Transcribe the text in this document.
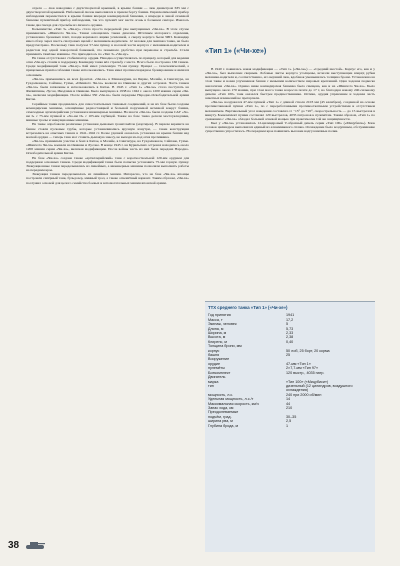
отдела — люк наводчика с двухстворчатой крышкой, в крыше башни — люк диаметром 635 мм с двухстворчатой крышкой. Небольшой лючок выполнялся в правом борту башни. Перископический прибор наблюдения переместился в крыше башни впереди командирской башенки, а впереди в левой сеченной башенке пулемётный прибор наблюдения, так что пулемёт мог вести огонь в большем секторе. Имелось также два гнезда для стрельбы из личного оружия.

Большинство «Тип 3» «Чи-ну» стало просто переделкой уже выпущенных «Чи-ха». В этом случае применялись «Шинхото Чи-ха». Танки оснащались также дизелем. Штатным моторного отделения, установлено броневых плит, позади кормового ящика усиленной, а сверху корпуса были ЗИП. Командир имел обзор через шесть смотровых щелей с механиком-водителем. 12 человек для экипажа танка, не было предусмотрено. Поскольку танк получал 57-мм пушку, в носовой части корпуса с механиком-водителем и радистом под одной поворотной башенкой, что повышало удобство при перевозке и стрельбе. Стали применять тяжёлые машины. Это приходилось по «Тип 3» «Чи-ну».

На танке отсутствовал стабилизатор орудия. Наводка осуществлялась по прицелу, который для ведения огня «Чи-ну» стояли в поддержку. Командир танка вёл стрельбу с места. Всего было построено 166 танков. Среди модификаций танк «Чи-ну» Кай имел усиленную 75-мм пушку. Прицел — телескопический, а прицельные приспособления также использовались. Танк имел противоснарядное бронирование и являлся основным.

«Чи-ха» применялись на всех фронтах. «Чи-ха» в Маньчжурии, на Бирме, Малайе, в Сингапуре, на Гуадалканале, Сайпане, Гуаме, «Шинхото Чи-ха» воевали на Окинаве и других островах. Часть танков «Чи-ха» были захвачены и использовались в Китае. В 1945 г. «Тип 1» «Чи-хе» стало поступать на Филиппины, Лусон, Иводзиме и Окинаве. Было выпущено в 1938 по 1942 г. около 1200 машин серии «Чи-ха», включая модификации. После войны 350 «Чи-ха» были переданы Народно-Освободительной армии Китая.

Серийные танки продавались для самостоятельных танковых соединений, и на их базе были созданы командирские машины, оснащённые радиостанцией и большой поручневой антенной вокруг башни, самоходные артиллерийские установки и инженерные машины. На шасси «Чи-ха» были созданы САУ «Хо-ни I» с 75-мм пушкой и «Хо-ни II» с 105-мм гаубицей. Также на базе танка делали мостоукладчики, минные тралы и эвакуационные машины.

На танке опробовали различные установки дымовых гранатомётов (мортирок). В первом варианте на башне стояли пусковые трубы, которые устанавливались вручную изнутри, — такие конструкции встречались на опытных танках в 1941–1942 гг. Более удачной оказалась установка на крыше башни над маской орудия — теперь танк мог ставить дымовую завесу, не выходя из-под огня противника.

«Чи-ха» принимали участие в боях в Китае, в Малайе, в Сингапуре, на Гуадалканале, Сайпане, Гуаме. «Шинхото Чи-ха» воевали на Окинаве и Лусоне. В конце 1945 г. на Курильских островах находилось около 1200 машин серии «Чи-ха», включая модификации. После войны часть из них была передана Народно-Освободительной армии Китая.

На базе «Чи-ха» создана также «артиллерийский» танк с короткоствольной 120-мм орудием для поддержки основных танков. Среди модификаций танка была попытка установить 75-мм горную пушку. Эвакуационные танки переделывались из линейных, а инженерные машины позволяли выполнять работы на переднем крае.

Эвакуация танков переделывалась из линейных машин. Интересно, что на базе «Чи-ха» японцы построили сапёрный танк, бульдозер, минный трал, а также огнемётный вариант. Таким образом, «Чи-ха» послужил основой для целого семейства боевых и вспомогательных машин японской армии.

«Тип 1» («Чи-хе»)

В 1940 г. появилась новая модификация — «Тип 1» («Чи-хе») — «Средний шестой». Корпус его, как и у «Чи-ха», был выполнен сварным. Лобовые листы корпуса утолщены, исчезли выступающие вперёд рубки механика-водителя и, соответственно, его верхний люк, вдобавок уменьшилась толщина брони. Установлена на этом танке и новая улучшенная башня с меньшим количеством шаровых креплений. Одна ходовая подвеска аналогична «Чи-ха». Однако ниже командирская башенка была смещена, как и на «Шинхото Чи-ха». Было выпущено около 170 машин, при этом масса танка возросла почти до 17 т, но благодаря новому 240-сильному дизелю «Тип 100» танк оказался быстрее предшественника. Оптика, орудия управление и ходовая часть заметных изменений не претерпели.

«Чи-хе» вооружался 47-мм пушкой «Тип 1» с длиной ствола 2103 мм (45 калибров), созданной на основе противотанковой пушки «Тип 1», по с переработанными противооткатными устройствами и отсутствием механизмом. Вертикальный угол наведения составлял от −15° до +20°, скорострельность — до 15 выстрелов в минуту. Боекомплект пушки составлял 120 выстрелов, 4035 патронов к пулемётам. Таким образом, «Тип 1» по сравнению с «Чи-ха» обладал большей огневой мощью при практически той же защищённости.

Был у «Чи-хе» установилась 12-цилиндровый V-образный дизель серии «Тип 100» («Мицубиси»). Блок головок цилиндров выполнялся единый из алюминиевого сплава. Охлаждение было воздушным, обслуживание существенно упростилось. На переднем крае появились высокие надгусеничные полки.

ТТХ среднего танка «Тип 1» («Чи-хе»)
Год принятия	1941
Масса, т	17,2
Экипаж, человек	5
Длина, м	5,73
Ширина, м	2,33
Высота, м	2,38
Клиренс, м	0,40
Толщина брони, мм
корпус	50 лоб, 25 борт, 20 корма
башня	25
Вооружение
орудие	47-мм «Тип 1»
пулемёты	2×7,7-мм «Тип 97»
Боекомплект	120 выстр., 4035 патр.
Двигатель
марка	«Тип 100» («Мицубиси»)
тип	дизельный (12 цилиндров, воздушного охлаждения)
мощность, л.с.	240 при 2000 об/мин
Удельная мощность, л.с./т	14
Максимальная скорость, км/ч	44
Запас хода, км	210
Преодолеваемые
подъём, град.	30–35
ширина рва, м	2,5
Глубина брода, м	1
38
